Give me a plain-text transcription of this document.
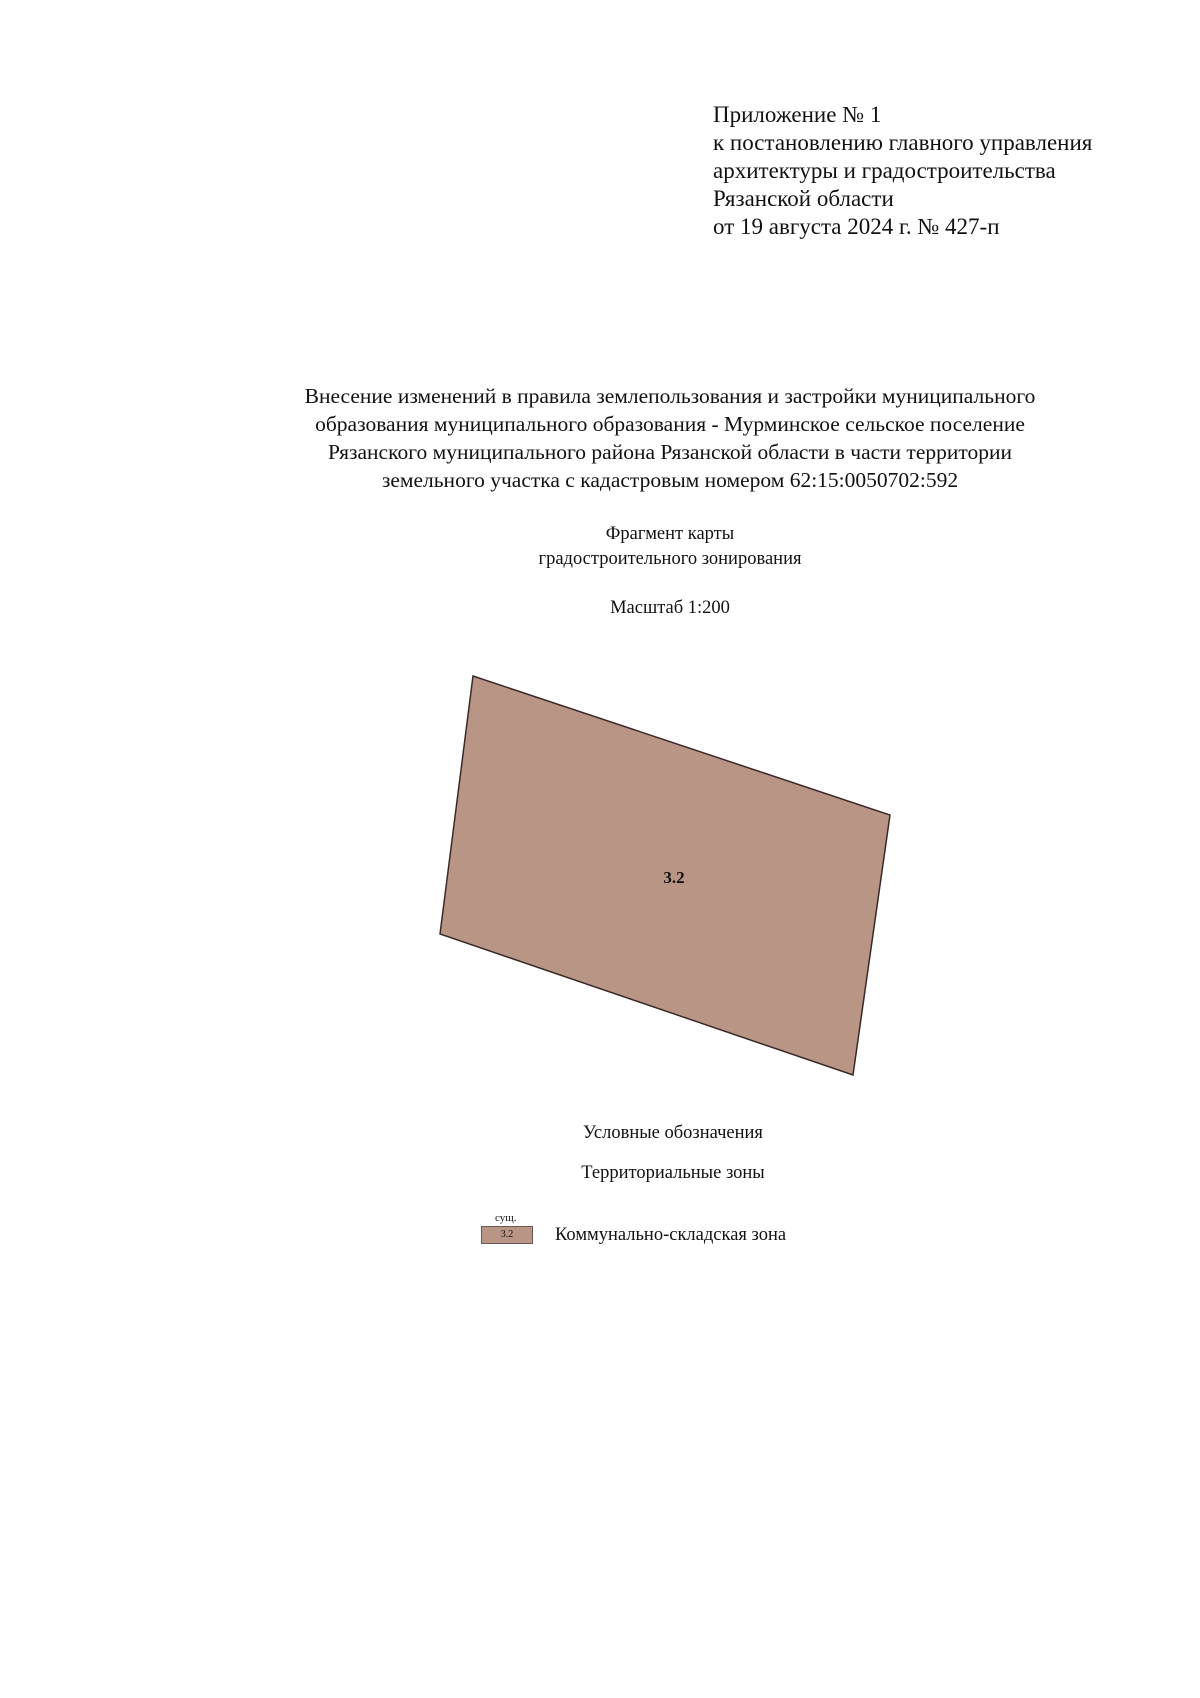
Приложение № 1
к постановлению главного управления
архитектуры и градостроительства
Рязанской области
от 19 августа 2024 г. № 427-п
Внесение изменений в правила землепользования и застройки муниципального
образования муниципального образования - Мурминское сельское поселение
Рязанского муниципального района Рязанской области в части территории
земельного участка с кадастровым номером 62:15:0050702:592
Фрагмент карты
градостроительного зонирования
Масштаб 1:200
3.2
Условные обозначения
Территориальные зоны
сущ.
3.2	Коммунально-складская зона
